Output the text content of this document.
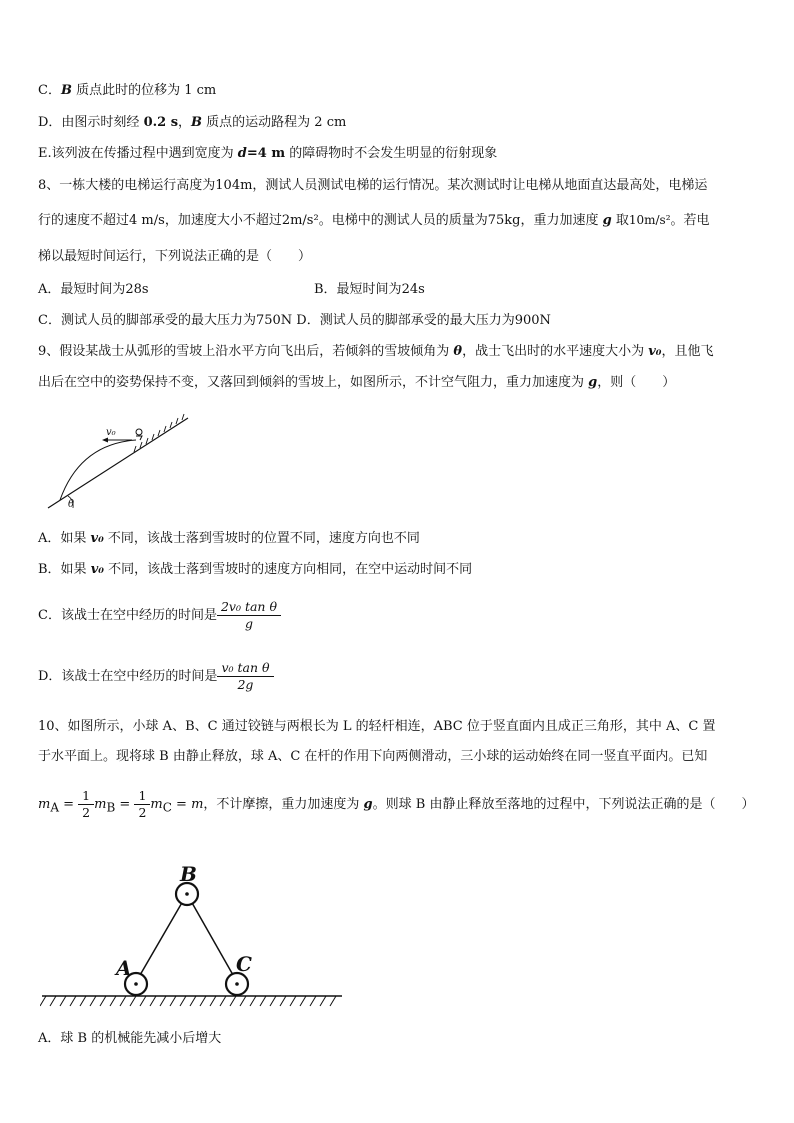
C．B 质点此时的位移为 1 cm
D．由图示时刻经 0.2 s，B 质点的运动路程为 2 cm
E.该列波在传播过程中遇到宽度为 d=4 m 的障碍物时不会发生明显的衍射现象
8、一栋大楼的电梯运行高度为104m，测试人员测试电梯的运行情况。某次测试时让电梯从地面直达最高处，电梯运
行的速度不超过4 m/s，加速度大小不超过2m/s²。电梯中的测试人员的质量为75kg，重力加速度 g 取10m/s²。若电
梯以最短时间运行，下列说法正确的是（　　）
A．最短时间为28s	B．最短时间为24s
C．测试人员的脚部承受的最大压力为750N D．测试人员的脚部承受的最大压力为900N
9、假设某战士从弧形的雪坡上沿水平方向飞出后，若倾斜的雪坡倾角为 θ，战士飞出时的水平速度大小为 v₀，且他飞
出后在空中的姿势保持不变，又落回到倾斜的雪坡上，如图所示，不计空气阻力，重力加速度为 g，则（　　）
v₀
θ
A．如果 v₀ 不同，该战士落到雪坡时的位置不同，速度方向也不同
B．如果 v₀ 不同，该战士落到雪坡时的速度方向相同，在空中运动时间不同
C．该战士在空中经历的时间是 $\frac{\text{2v₀ tan θ}}{g}$
D．该战士在空中经历的时间是 $\frac{\text{v₀ tan θ}}{2g}$
10、如图所示，小球 A、B、C 通过铰链与两根长为 L 的轻杆相连，ABC 位于竖直面内且成正三角形，其中 A、C 置
于水平面上。现将球 B 由静止释放，球 A、C 在杆的作用下向两侧滑动，三小球的运动始终在同一竖直平面内。已知
$m_A = \frac{1}{2} m_B = \frac{1}{2} m_C = m$，不计摩擦，重力加速度为 g。则球 B 由静止释放至落地的过程中，下列说法正确的是（　　）
B
A	C
A．球 B 的机械能先减小后增大
